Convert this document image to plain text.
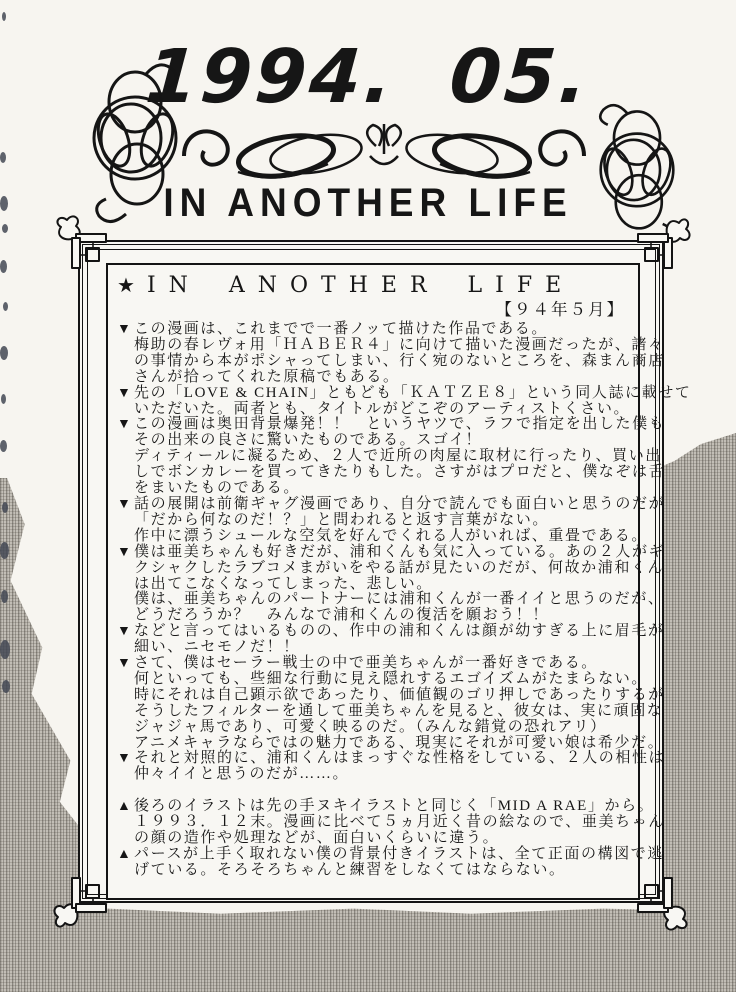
1994. 05.
IN ANOTHER LIFE
★ IN ANOTHER LIFE
【９４年５月】
▼ この漫画は、これまでで一番ノッて描けた作品である。
梅助の春レヴォ用「ＨＡＢＥＲ４」に向けて描いた漫画だったが、諸々
の事情から本がポシャってしまい、行く宛のないところを、森まん商店
さんが拾ってくれた原稿でもある。
▼ 先の「LOVE & CHAIN」ともども「ＫＡＴＺＥ８」という同人誌に載せて
いただいた。両者とも、タイトルがどこぞのアーティストくさい。
▼ この漫画は奥田背景爆発！！　というヤツで、ラフで指定を出した僕も
その出来の良さに驚いたものである。スゴイ！
ディティールに凝るため、２人で近所の肉屋に取材に行ったり、買い出
しでボンカレーを買ってきたりもした。さすがはプロだと、僕なぞは舌
をまいたものである。
▼ 話の展開は前衛ギャグ漫画であり、自分で読んでも面白いと思うのだが
「だから何なのだ！？」と問われると返す言葉がない。
作中に漂うシュールな空気を好んでくれる人がいれば、重畳である。
▼ 僕は亜美ちゃんも好きだが、浦和くんも気に入っている。あの２人がギ
クシャクしたラブコメまがいをやる話が見たいのだが、何故か浦和くん
は出てこなくなってしまった、悲しい。
僕は、亜美ちゃんのパートナーには浦和くんが一番イイと思うのだが、
どうだろうか？　みんなで浦和くんの復活を願おう！！
▼ などと言ってはいるものの、作中の浦和くんは顔が幼すぎる上に眉毛が
細い、ニセモノだ！！
▼ さて、僕はセーラー戦士の中で亜美ちゃんが一番好きである。
何といっても、些細な行動に見え隠れするエゴイズムがたまらない。
時にそれは自己顕示欲であったり、価値観のゴリ押しであったりするが
そうしたフィルターを通して亜美ちゃんを見ると、彼女は、実に頑固な
ジャジャ馬であり、可愛く映るのだ。（みんな錯覚の恐れアリ）
アニメキャラならではの魅力である、現実にそれが可愛い娘は希少だ。
▼ それと対照的に、浦和くんはまっすぐな性格をしている、２人の相性は
仲々イイと思うのだが……。
▲ 後ろのイラストは先の手ヌキイラストと同じく「MID A RAE」から。
１９９３．１２末。漫画に比べて５ヵ月近く昔の絵なので、亜美ちゃん
の顔の造作や処理などが、面白いくらいに違う。
▲ パースが上手く取れない僕の背景付きイラストは、全て正面の構図で逃
げている。そろそろちゃんと練習をしなくてはならない。
